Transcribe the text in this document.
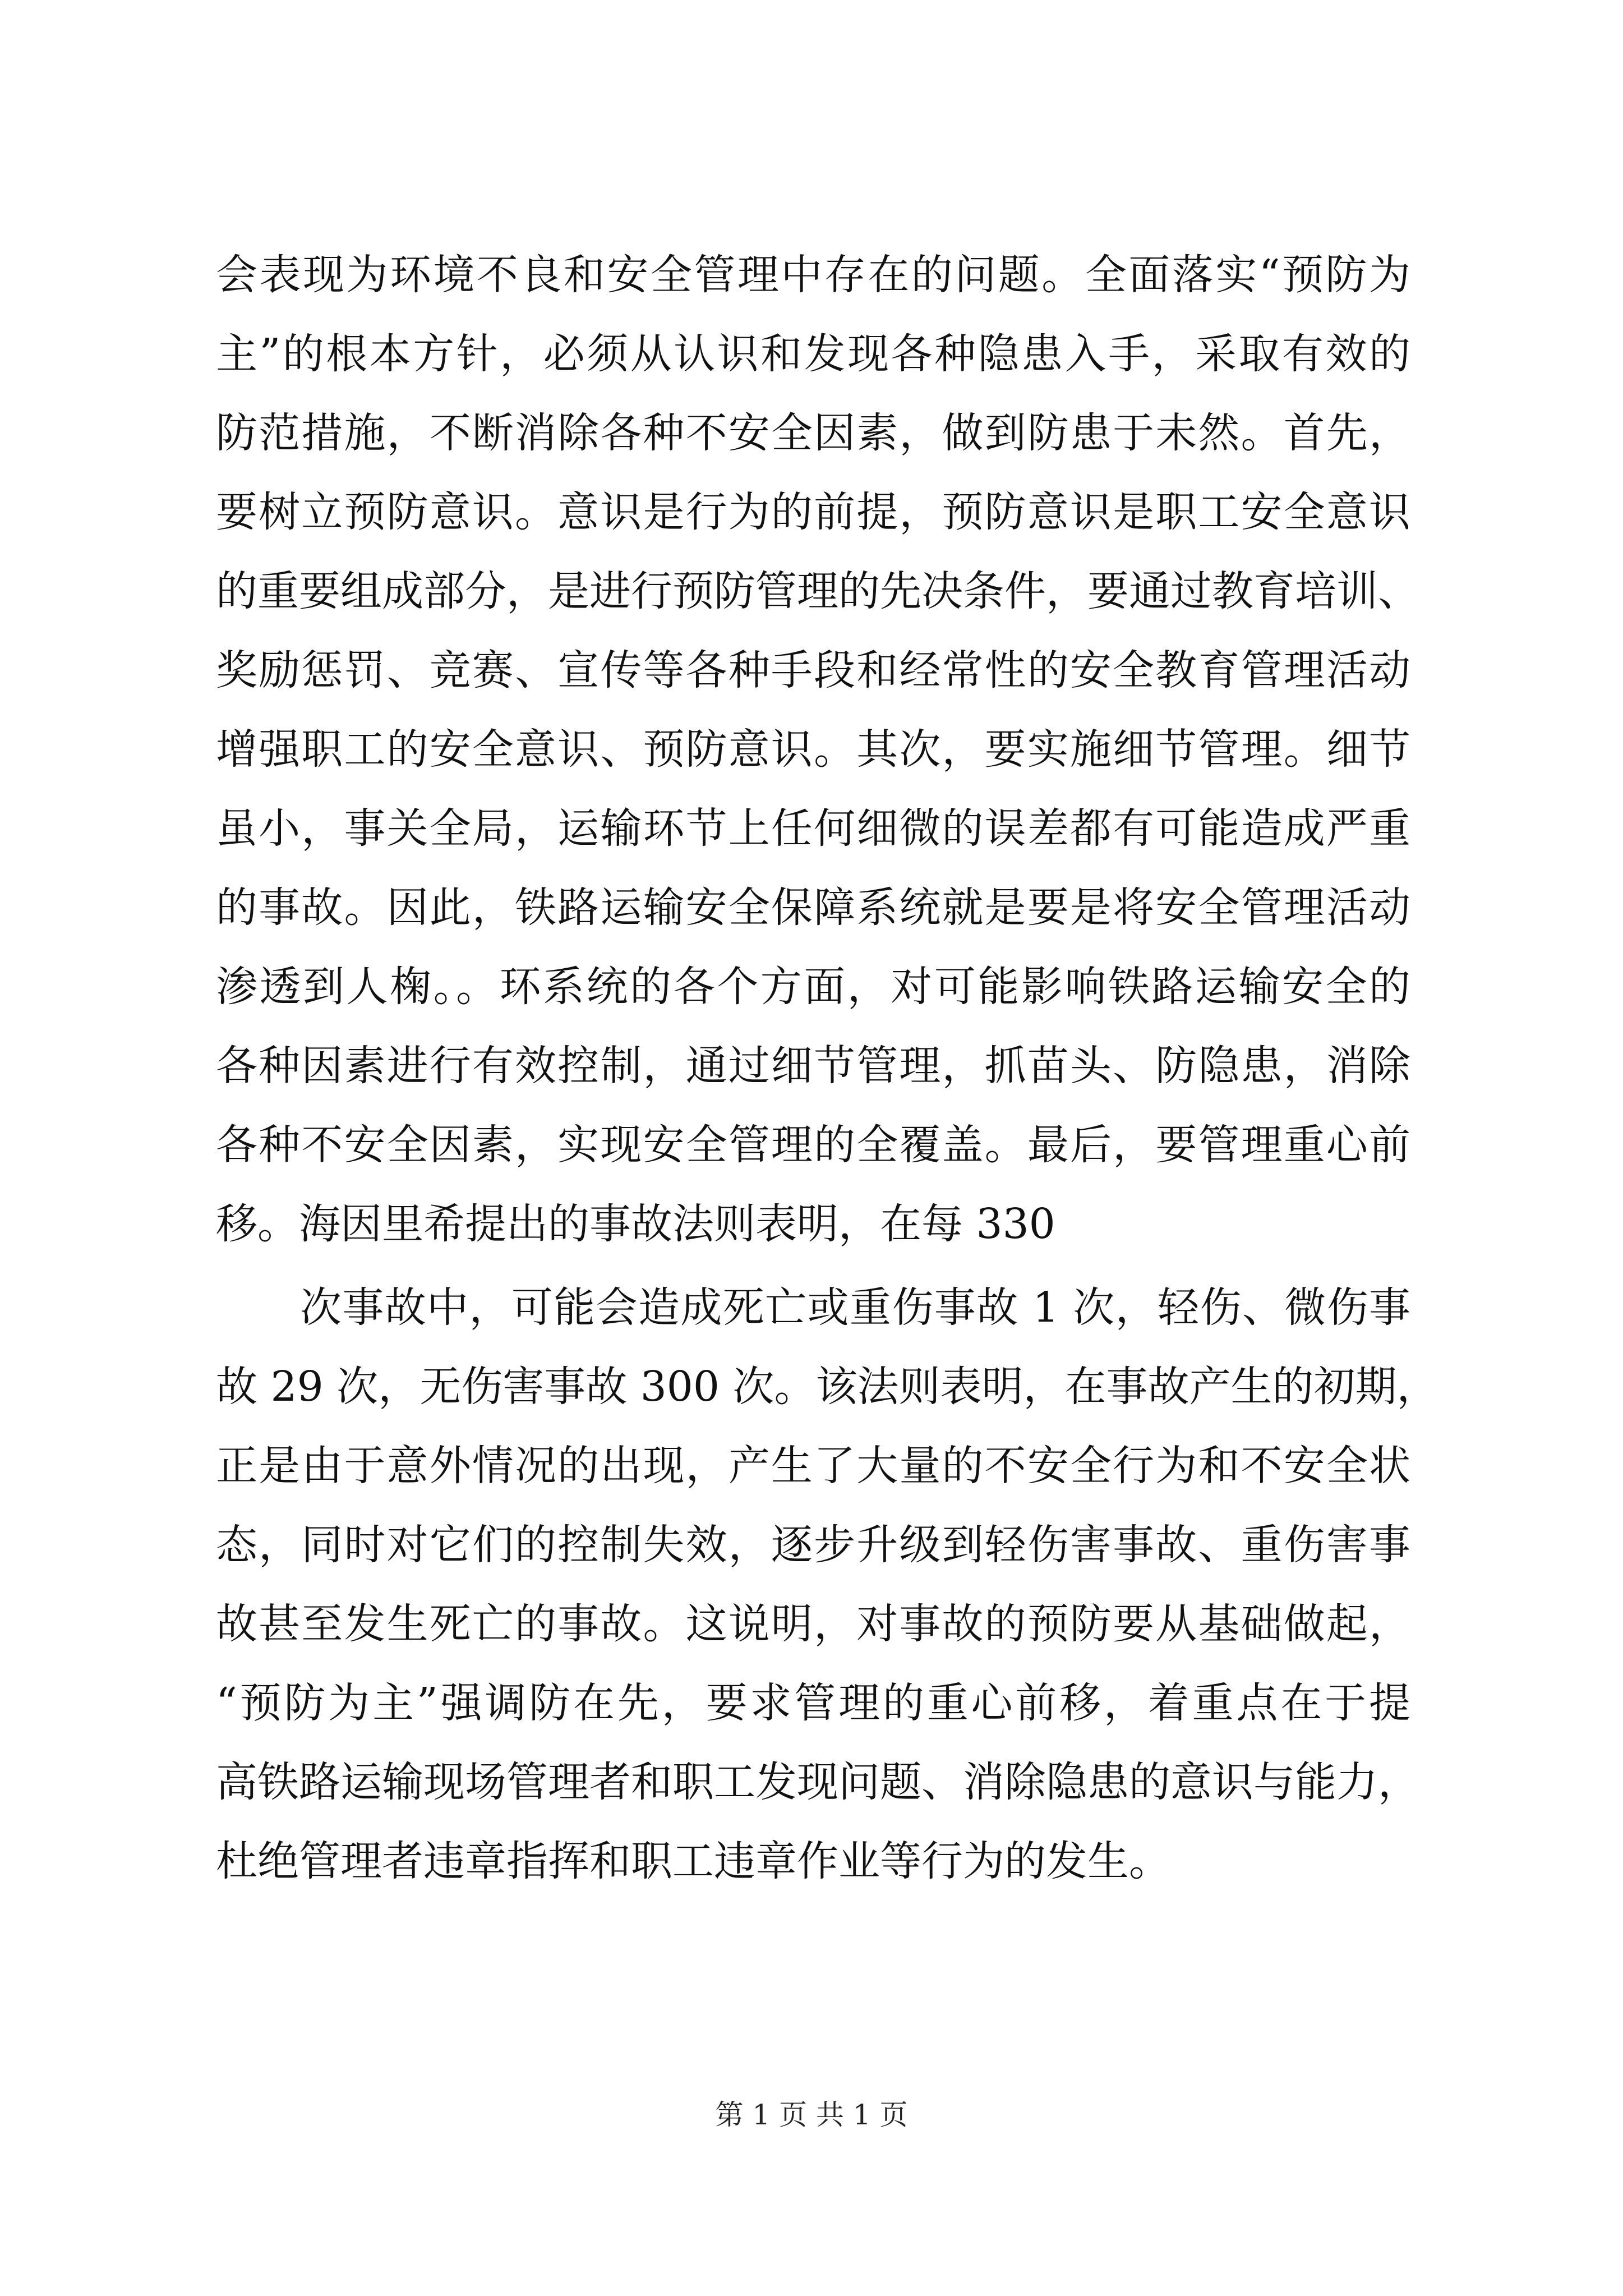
会表现为环境不良和安全管理中存在的问题。全面落实“预防为
主”的根本方针，必须从认识和发现各种隐患入手，采取有效的
防范措施，不断消除各种不安全因素，做到防患于未然。首先，
要树立预防意识。意识是行为的前提，预防意识是职工安全意识
的重要组成部分，是进行预防管理的先决条件，要通过教育培训、
奖励惩罚、竞赛、宣传等各种手段和经常性的安全教育管理活动
增强职工的安全意识、预防意识。其次，要实施细节管理。细节
虽小，事关全局，运输环节上任何细微的误差都有可能造成严重
的事故。因此，铁路运输安全保障系统就是要是将安全管理活动
渗透到人椈。。环系统的各个方面，对可能影响铁路运输安全的
各种因素进行有效控制，通过细节管理，抓苗头、防隐患，消除
各种不安全因素，实现安全管理的全覆盖。最后，要管理重心前
移。海因里希提出的事故法则表明，在每 330
次事故中，可能会造成死亡或重伤事故 1 次，轻伤、微伤事
故 29 次，无伤害事故 300 次。该法则表明，在事故产生的初期，
正是由于意外情况的出现，产生了大量的不安全行为和不安全状
态，同时对它们的控制失效，逐步升级到轻伤害事故、重伤害事
故甚至发生死亡的事故。这说明，对事故的预防要从基础做起，
“预防为主”强调防在先，要求管理的重心前移，着重点在于提
高铁路运输现场管理者和职工发现问题、消除隐患的意识与能力，
杜绝管理者违章指挥和职工违章作业等行为的发生。
第 1 页 共 1 页
